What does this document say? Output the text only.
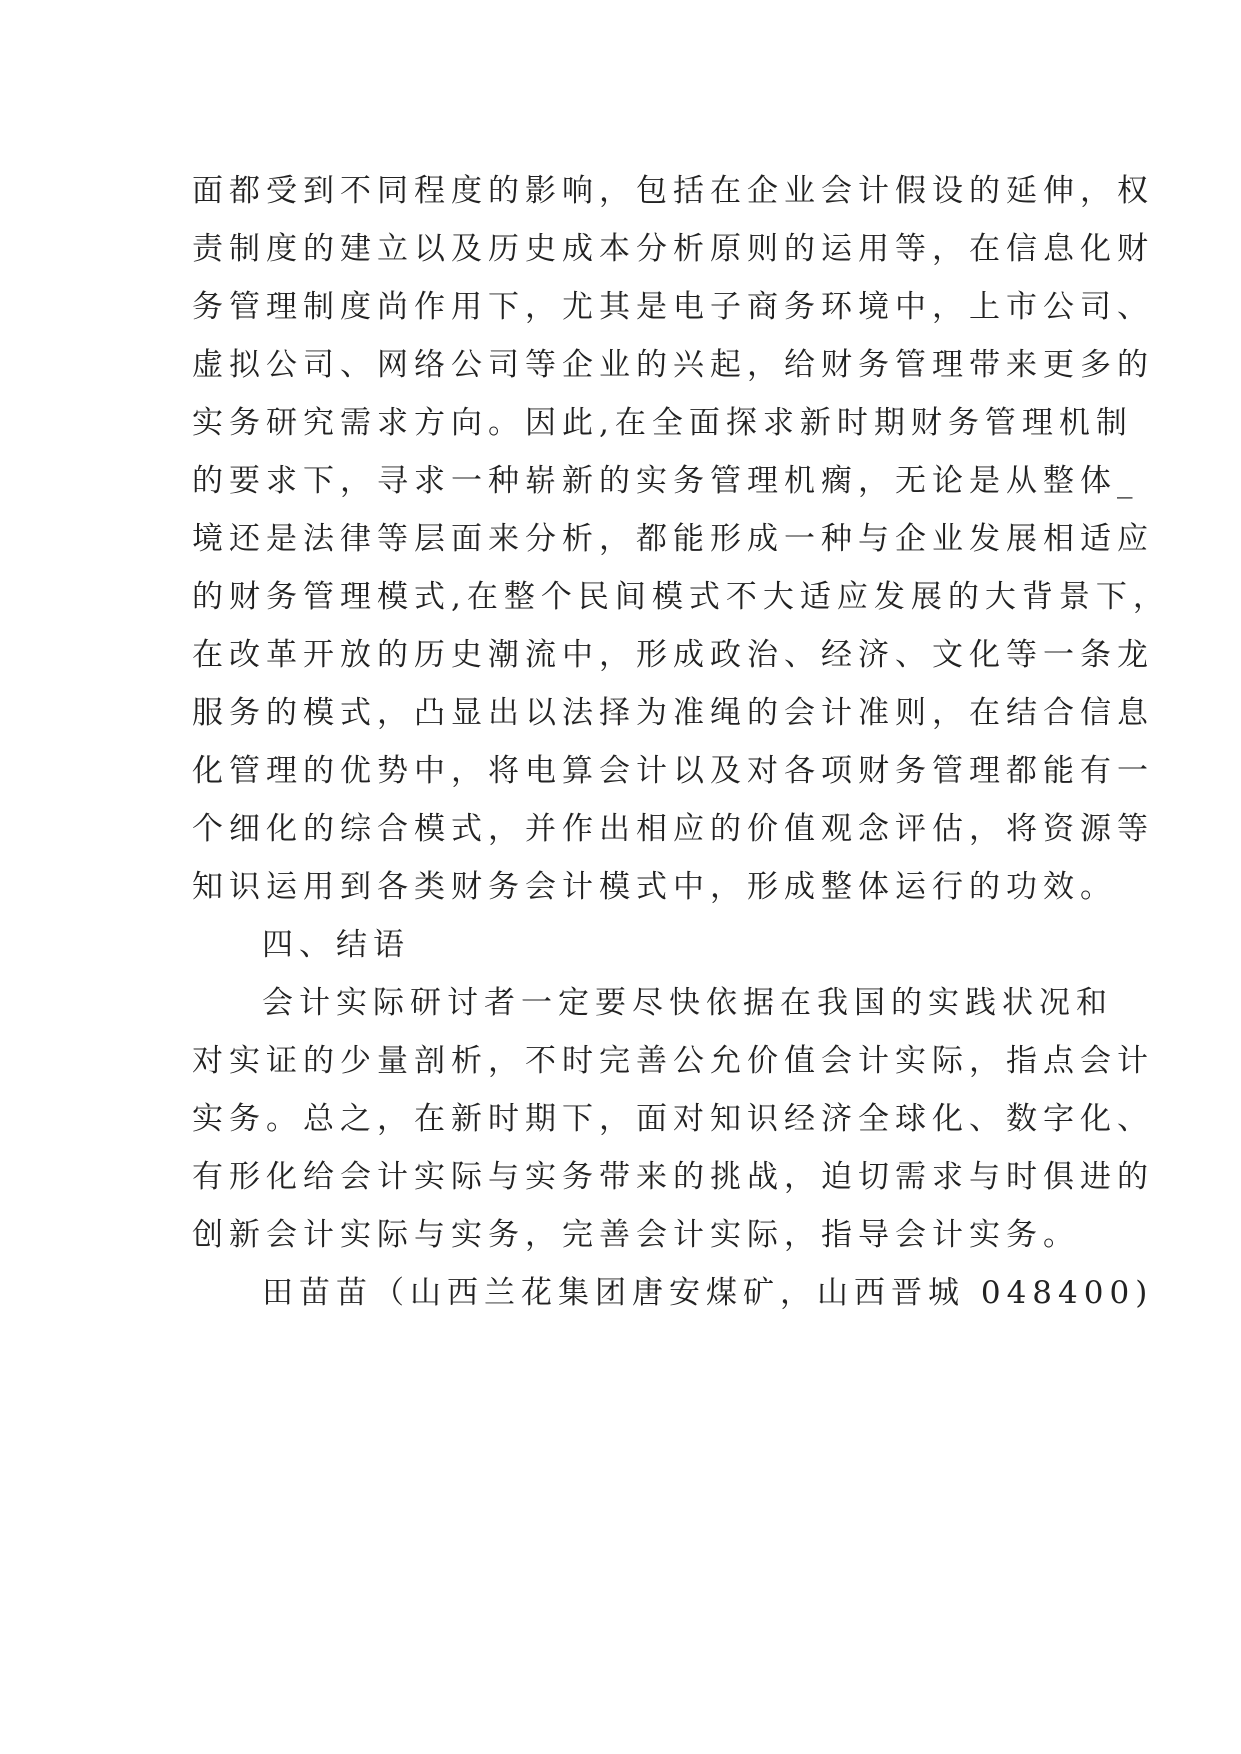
面都受到不同程度的影响，包括在企业会计假设的延伸，权
责制度的建立以及历史成本分析原则的运用等，在信息化财
务管理制度尚作用下，尤其是电子商务环境中，上市公司、
虚拟公司、网络公司等企业的兴起，给财务管理带来更多的
实务研究需求方向。因此,在全面探求新时期财务管理机制
的要求下，寻求一种崭新的实务管理机瘸，无论是从整体_
境还是法律等层面来分析，都能形成一种与企业发展相适应
的财务管理模式,在整个民间模式不大适应发展的大背景下，
在改革开放的历史潮流中，形成政治、经济、文化等一条龙
服务的模式，凸显出以法择为准绳的会计准则，在结合信息
化管理的优势中，将电算会计以及对各项财务管理都能有一
个细化的综合模式，并作出相应的价值观念评估，将资源等
知识运用到各类财务会计模式中，形成整体运行的功效。
四、结语
会计实际研讨者一定要尽快依据在我国的实践状况和
对实证的少量剖析，不时完善公允价值会计实际，指点会计
实务。总之，在新时期下，面对知识经济全球化、数字化、
有形化给会计实际与实务带来的挑战，迫切需求与时俱进的
创新会计实际与实务，完善会计实际，指导会计实务。
田苗苗（山西兰花集团唐安煤矿，山西晋城 048400)
